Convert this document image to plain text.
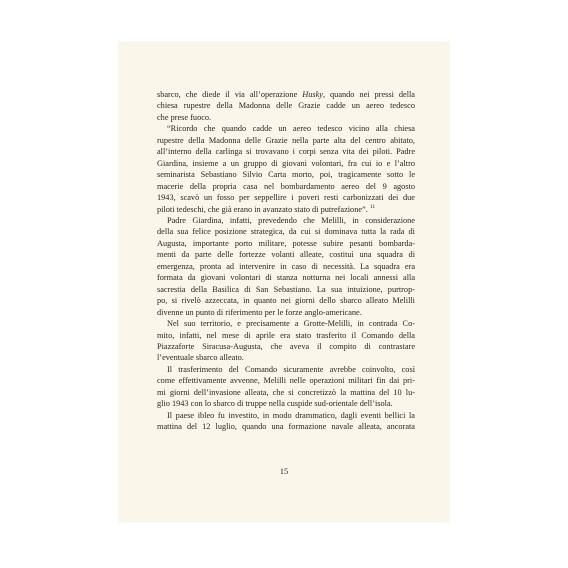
sbarco, che diede il via all’operazione Husky, quando nei pressi della
chiesa rupestre della Madonna delle Grazie cadde un aereo tedesco
che prese fuoco.
“Ricordo che quando cadde un aereo tedesco vicino alla chiesa
rupestre della Madonna delle Grazie nella parte alta del centro abitato,
all’interno della carlinga si trovavano i corpi senza vita dei piloti. Padre
Giardina, insieme a un gruppo di giovani volontari, fra cui io e l’altro
seminarista Sebastiano Silvio Carta morto, poi, tragicamente sotto le
macerie della propria casa nel bombardamento aereo del 9 agosto
1943, scavò un fosso per seppellire i poveri resti carbonizzati dei due
piloti tedeschi, che già erano in avanzato stato di putrefazione”. $^{11}$
Padre Giardina, infatti, prevedendo che Melilli, in considerazione
della sua felice posizione strategica, da cui si dominava tutta la rada di
Augusta, importante porto militare, potesse subire pesanti bombarda-
menti da parte delle fortezze volanti alleate, costituì una squadra di
emergenza, pronta ad intervenire in caso di necessità. La squadra era
formata da giovani volontari di stanza notturna nei locali annessi alla
sacrestia della Basilica di San Sebastiano. La sua intuizione, purtrop-
po, si rivelò azzeccata, in quanto nei giorni dello sbarco alleato Melilli
divenne un punto di riferimento per le forze anglo-americane.
Nel suo territorio, e precisamente a Grotte-Melilli, in contrada Co-
mito, infatti, nel mese di aprile era stato trasferito il Comando della
Piazzaforte Siracusa-Augusta, che aveva il compito di contrastare
l’eventuale sbarco alleato.
Il trasferimento del Comando sicuramente avrebbe coinvolto, così
come effettivamente avvenne, Melilli nelle operazioni militari fin dai pri-
mi giorni dell’invasione alleata, che si concretizzò la mattina del 10 lu-
glio 1943 con lo sbarco di truppe nella cuspide sud-orientale dell’isola.
Il paese ibleo fu investito, in modo drammatico, dagli eventi bellici la
mattina del 12 luglio, quando una formazione navale alleata, ancorata
15
